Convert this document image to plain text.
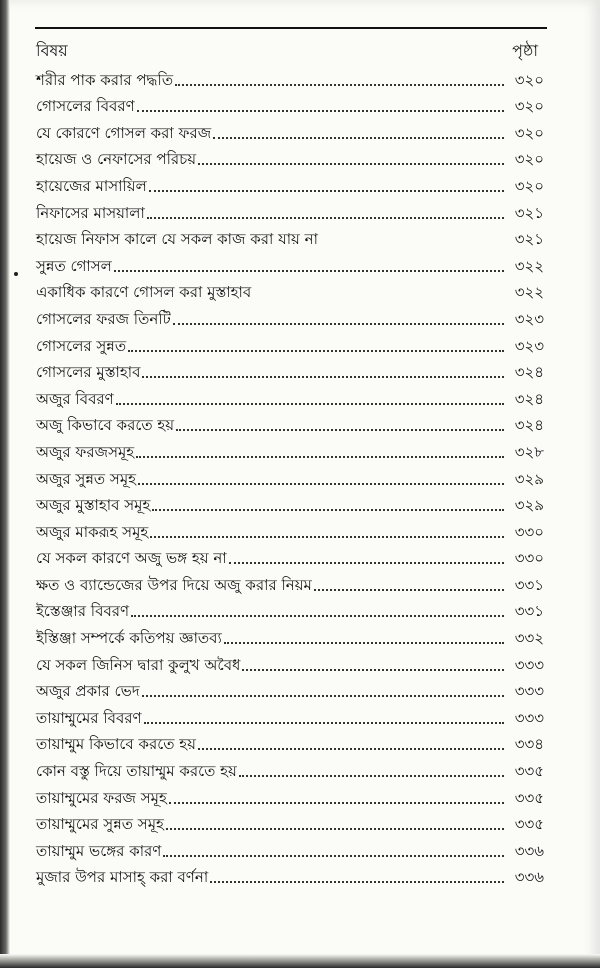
বিষয়	পৃষ্ঠা
শরীর পাক করার পদ্ধতি	৩২০
গোসলের বিবরণ	৩২০
যে কোরণে গোসল করা ফরজ	৩২০
হায়েজ ও নেফাসের পরিচয়	৩২০
হায়েজের মাসায়িল	৩২০
নিফাসের মাসয়ালা	৩২১
হায়েজ নিফাস কালে যে সকল কাজ করা যায় না	৩২১
সুন্নত গোসল	৩২২
একাধিক কারণে গোসল করা মুস্তাহাব	৩২২
গোসলের ফরজ তিনটি	৩২৩
গোসলের সুন্নত	৩২৩
গোসলের মুস্তাহাব	৩২৪
অজুর বিবরণ	৩২৪
অজু কিভাবে করতে হয়	৩২৪
অজুর ফরজসমূহ	৩২৮
অজুর সুন্নত সমূহ	৩২৯
অজুর মুস্তাহাব সমূহ	৩২৯
অজুর মাকরূহ সমূহ	৩৩০
যে সকল কারণে অজু ভঙ্গ হয় না	৩৩০
ক্ষত ও ব্যান্ডেজের উপর দিয়ে অজু করার নিয়ম	৩৩১
ইস্তেঞ্জার বিবরণ	৩৩১
ইস্তিঞ্জা সম্পর্কে কতিপয় জ্ঞাতব্য	৩৩২
যে সকল জিনিস দ্বারা কুলুখ অবৈধ	৩৩৩
অজুর প্রকার ভেদ	৩৩৩
তায়াম্মুমের বিবরণ	৩৩৩
তায়াম্মুম কিভাবে করতে হয়	৩৩৪
কোন বস্তু দিয়ে তায়াম্মুম করতে হয়	৩৩৫
তায়াম্মুমের ফরজ সমূহ	৩৩৫
তায়াম্মুমের সুন্নত সমূহ	৩৩৫
তায়াম্মুম ভঙ্গের কারণ	৩৩৬
মুজার উপর মাসাহ্ করা বর্ণনা	৩৩৬
